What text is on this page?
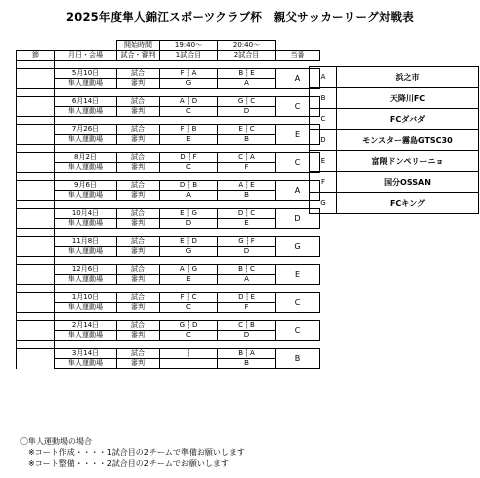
2025年度隼人錦江スポーツクラブ杯　親父サッカーリーグ対戦表
		開始時間	19:40～	20:40～	
節	月日・会場	試合・審判	1試合目	2試合目	当番

	5月10日	試合	F┆A	B┆E	A
	隼人運動場	審判	G	A	

	6月14日	試合	A┆D	G┆C	C
	隼人運動場	審判	C	D	

	7月26日	試合	F┆B	E┆C	E
	隼人運動場	審判	E	B	

	8月2日	試合	D┆F	C┆A	C
	隼人運動場	審判	C	F	

	9月6日	試合	D┆B	A┆E	A
	隼人運動場	審判	A	B	

	10月4日	試合	E┆G	D┆C	D
	隼人運動場	審判	D	E	

	11月8日	試合	E┆D	G┆F	G
	隼人運動場	審判	G	D	

	12月6日	試合	A┆G	B┆C	E
	隼人運動場	審判	E	A	

	1月10日	試合	F┆C	D┆E	C
	隼人運動場	審判	C	F	

	2月14日	試合	G┆D	C┆B	C
	隼人運動場	審判	C	D	

	3月14日	試合	┆	B┆A	B
	隼人運動場	審判		B	
A	浜之市
B	天降川FC
C	FCダバダ
D	モンスター霧島GTSC30
E	富隈ドンペリーニョ
F	国分OSSAN
G	FCキング
〇隼人運動場の場合
※コート作成・・・・1試合目の2チームで準備お願いします
※コート整備・・・・2試合目の2チームでお願いします
